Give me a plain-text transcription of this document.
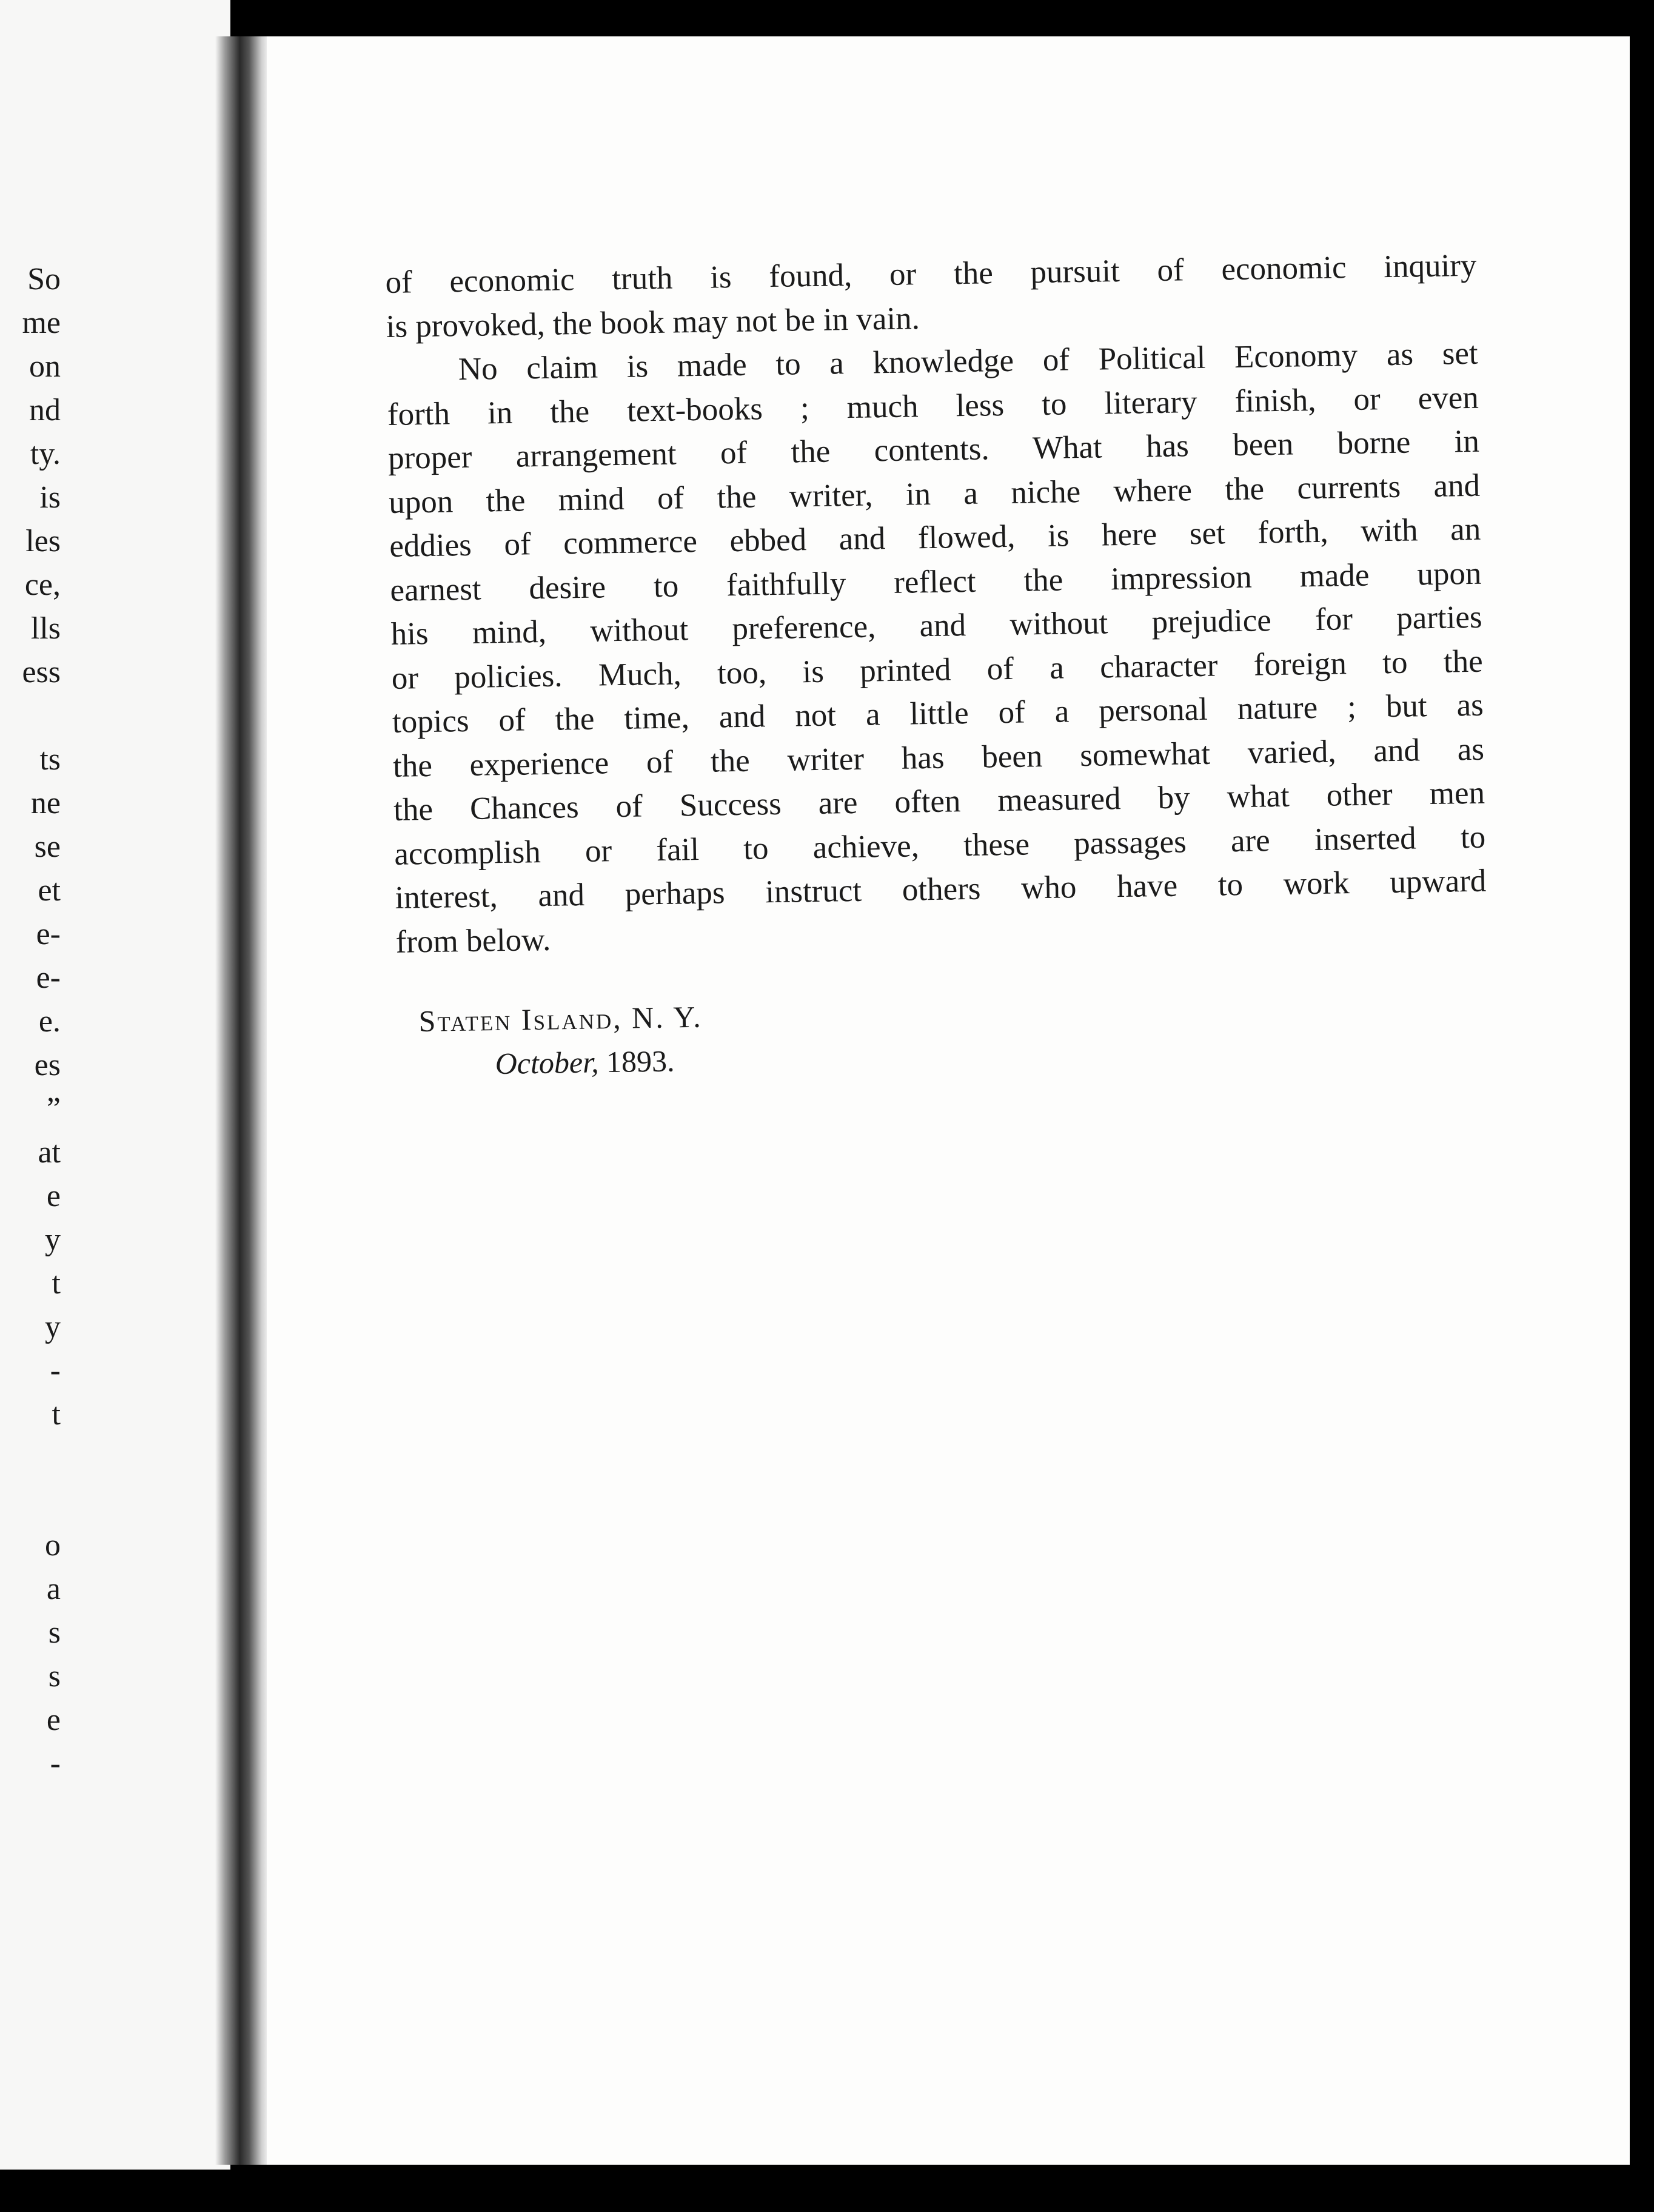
So
me
on
nd
ty.
is
les
ce,
lls
ess
ts
ne
se
et
e-
e-
e.
es
”
at
e
y
t
y
-
t
o
a
s
s
e
-
of economic truth is found, or the pursuit of economic inquiry
is provoked, the book may not be in vain.
No claim is made to a knowledge of Political Economy as set
forth in the text-books ; much less to literary finish, or even
proper arrangement of the contents. What has been borne in
upon the mind of the writer, in a niche where the currents and
eddies of commerce ebbed and flowed, is here set forth, with an
earnest desire to faithfully reflect the impression made upon
his mind, without preference, and without prejudice for parties
or policies. Much, too, is printed of a character foreign to the
topics of the time, and not a little of a personal nature ; but as
the experience of the writer has been somewhat varied, and as
the Chances of Success are often measured by what other men
accomplish or fail to achieve, these passages are inserted to
interest, and perhaps instruct others who have to work upward
from below.
Staten Island, N. Y.
October, 1893.
